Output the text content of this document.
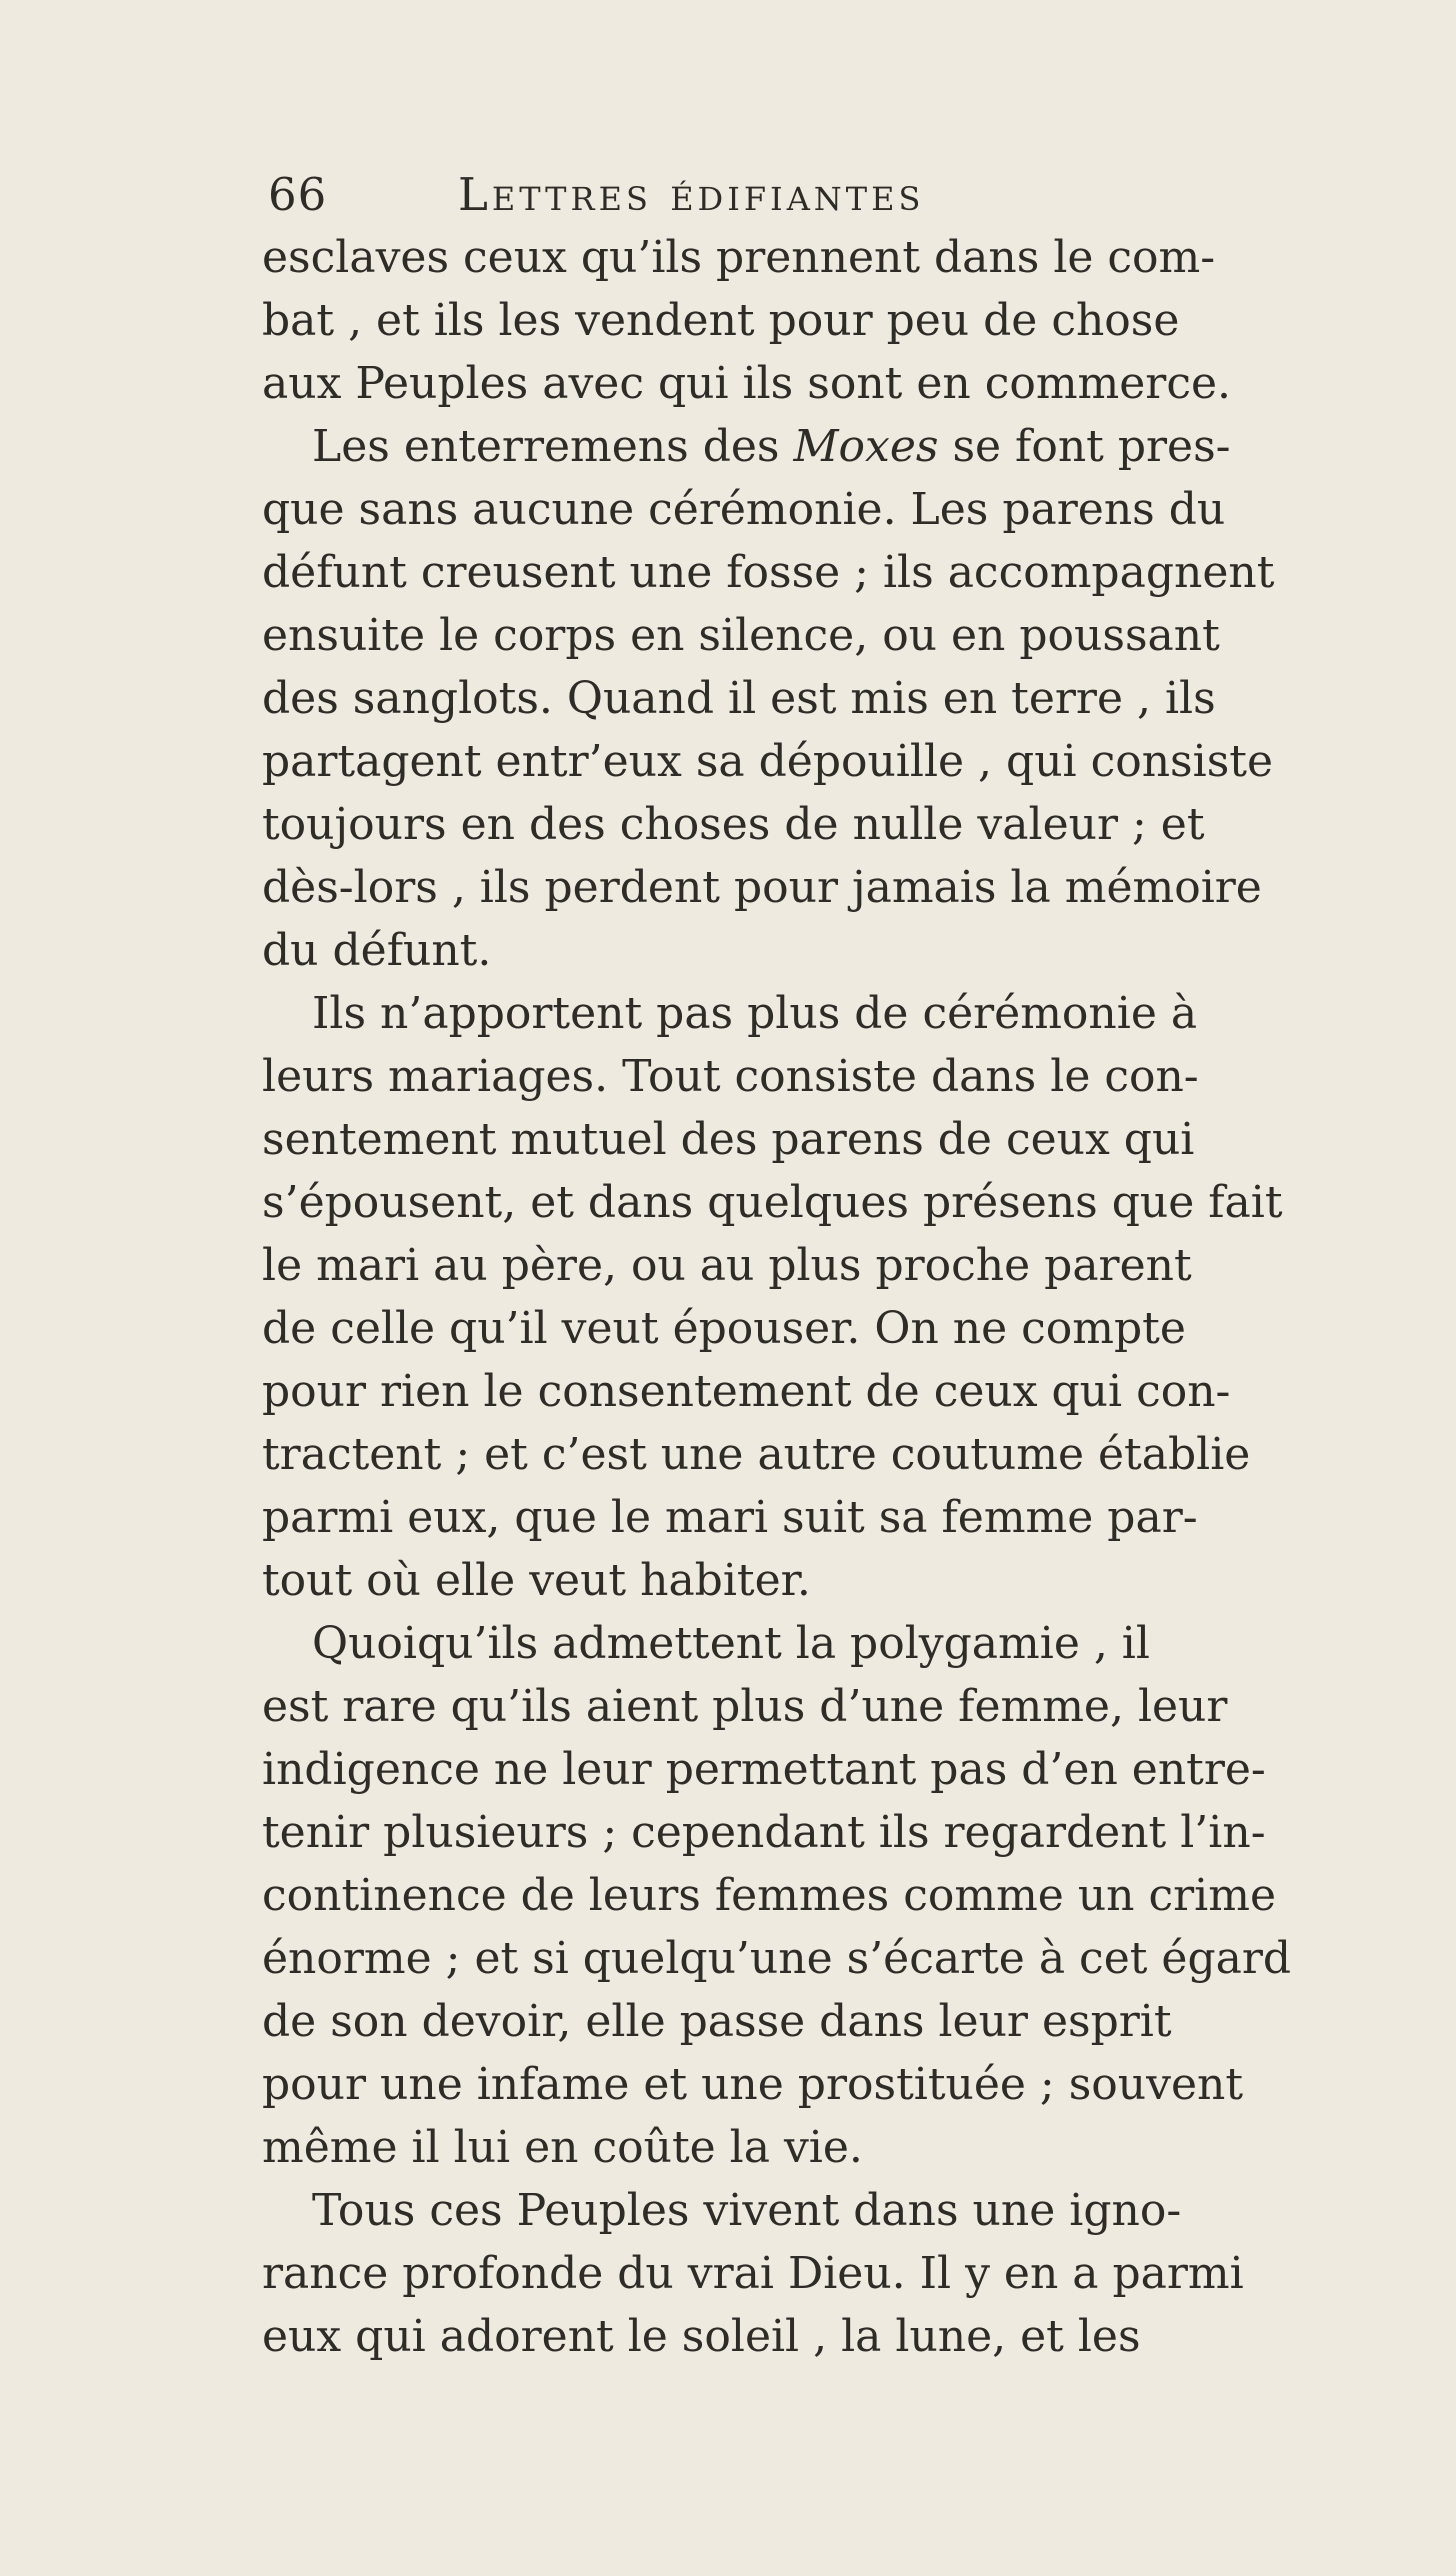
66	Lettres édifiantes
esclaves ceux qu’ils prennent dans le com-
bat , et ils les vendent pour peu de chose
aux Peuples avec qui ils sont en commerce.
Les enterremens des Moxes se font pres-
que sans aucune cérémonie. Les parens du
défunt creusent une fosse ; ils accompagnent
ensuite le corps en silence, ou en poussant
des sanglots. Quand il est mis en terre , ils
partagent entr’eux sa dépouille , qui consiste
toujours en des choses de nulle valeur ; et
dès-lors , ils perdent pour jamais la mémoire
du défunt.
Ils n’apportent pas plus de cérémonie à
leurs mariages. Tout consiste dans le con-
sentement mutuel des parens de ceux qui
s’épousent, et dans quelques présens que fait
le mari au père, ou au plus proche parent
de celle qu’il veut épouser. On ne compte
pour rien le consentement de ceux qui con-
tractent ; et c’est une autre coutume établie
parmi eux, que le mari suit sa femme par-
tout où elle veut habiter.
Quoiqu’ils admettent la polygamie , il
est rare qu’ils aient plus d’une femme, leur
indigence ne leur permettant pas d’en entre-
tenir plusieurs ; cependant ils regardent l’in-
continence de leurs femmes comme un crime
énorme ; et si quelqu’une s’écarte à cet égard
de son devoir, elle passe dans leur esprit
pour une infame et une prostituée ; souvent
même il lui en coûte la vie.
Tous ces Peuples vivent dans une igno-
rance profonde du vrai Dieu. Il y en a parmi
eux qui adorent le soleil , la lune, et les
